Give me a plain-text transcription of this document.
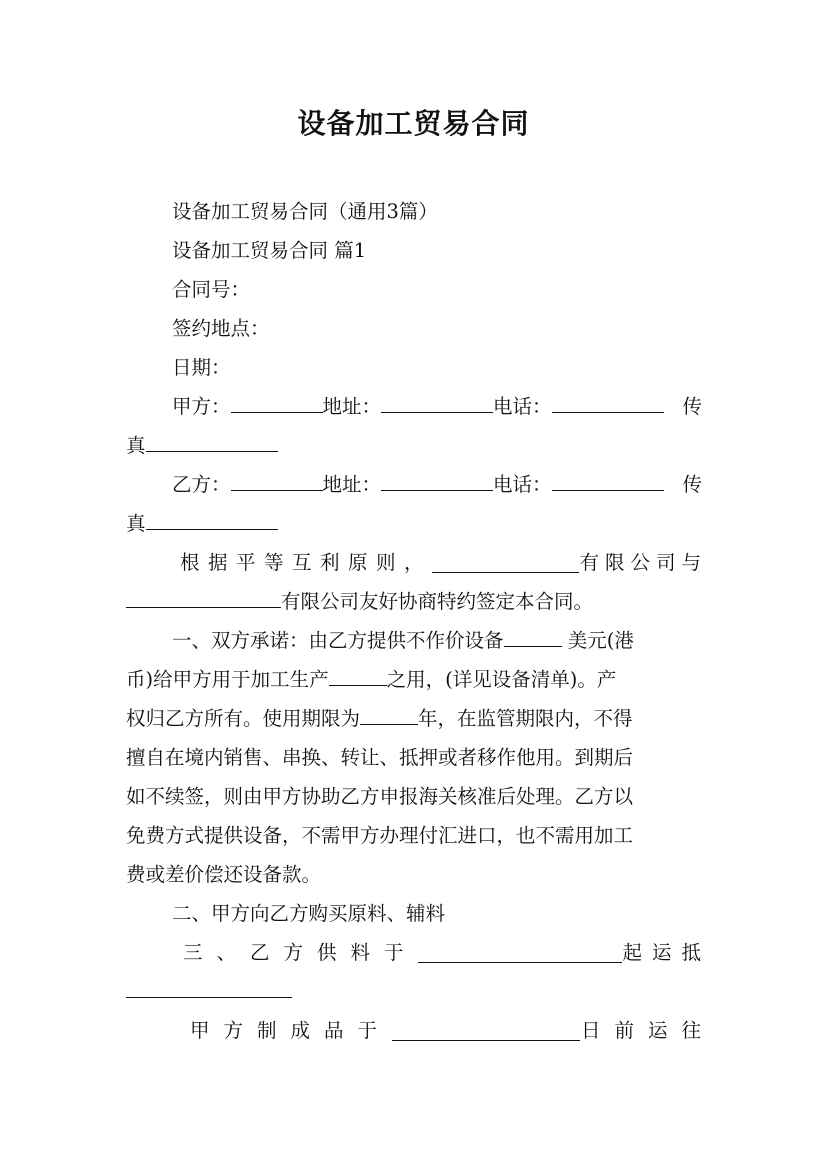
设备加工贸易合同
设备加工贸易合同（通用3篇）
设备加工贸易合同 篇1
合同号：
签约地点：
日期：
甲方：	地址：	电话：	传
真
乙方：	地址：	电话：	传
真
根据平等互利原则，	有限公司与
有限公司友好协商特约签定本合同。
一、双方承诺：由乙方提供不作价设备	美元(港
币)给甲方用于加工生产	之用，(详见设备清单)。产
权归乙方所有。使用期限为	年，在监管期限内，不得
擅自在境内销售、串换、转让、抵押或者移作他用。到期后
如不续签，则由甲方协助乙方申报海关核准后处理。乙方以
免费方式提供设备，不需甲方办理付汇进口，也不需用加工
费或差价偿还设备款。
二、甲方向乙方购买原料、辅料
三、乙方供料于	起运抵
甲方制成品于	日前运往
